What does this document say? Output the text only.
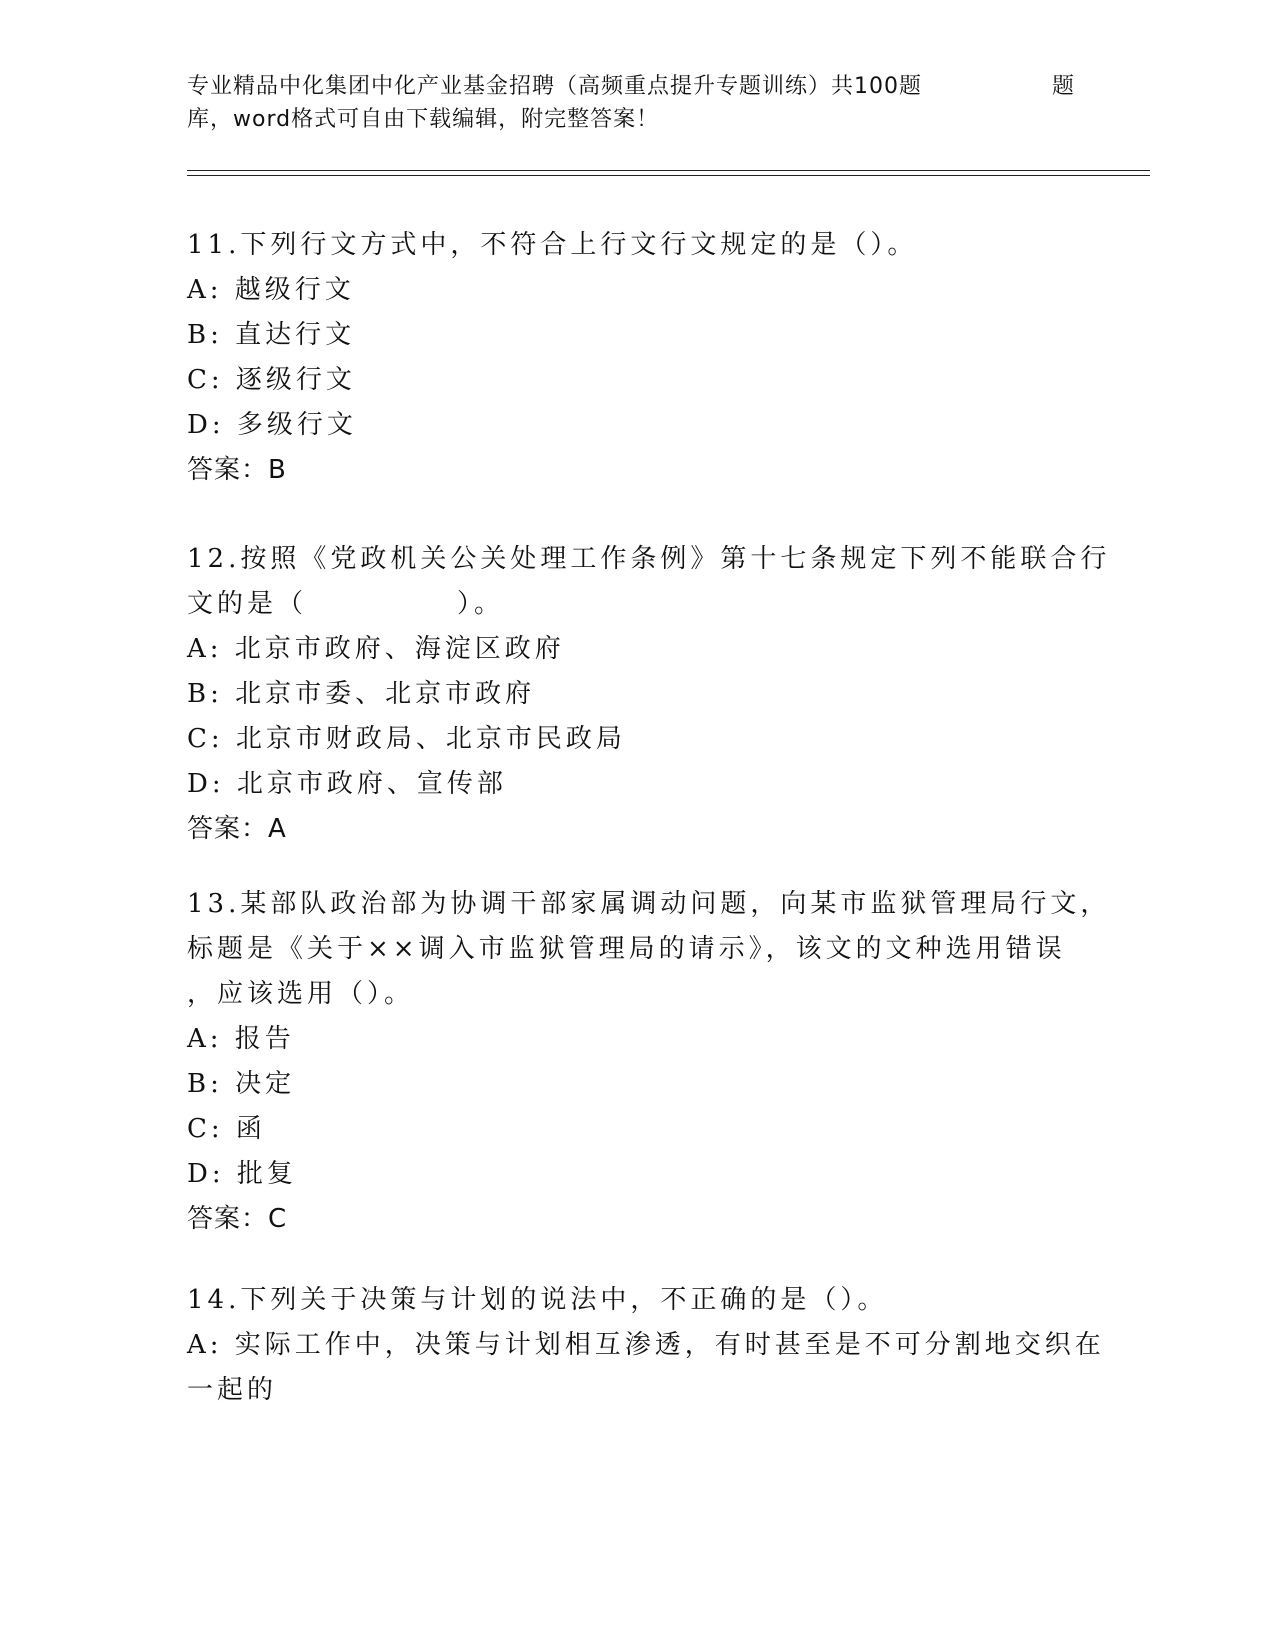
专业精品中化集团中化产业基金招聘（高频重点提升专题训练）共100题	题
库，word格式可自由下载编辑，附完整答案！
11.下列行文方式中，不符合上行文行文规定的是（）。
A: 越级行文
B: 直达行文
C: 逐级行文
D: 多级行文
答案：B
12.按照《党政机关公关处理工作条例》第十七条规定下列不能联合行
文的是（　　　　　）。
A: 北京市政府、海淀区政府
B: 北京市委、北京市政府
C: 北京市财政局、北京市民政局
D: 北京市政府、宣传部
答案：A
13.某部队政治部为协调干部家属调动问题，向某市监狱管理局行文，
标题是《关于××调入市监狱管理局的请示》，该文的文种选用错误
，应该选用（）。
A: 报告
B: 决定
C: 函
D: 批复
答案：C
14.下列关于决策与计划的说法中，不正确的是（）。
A: 实际工作中，决策与计划相互渗透，有时甚至是不可分割地交织在
一起的
